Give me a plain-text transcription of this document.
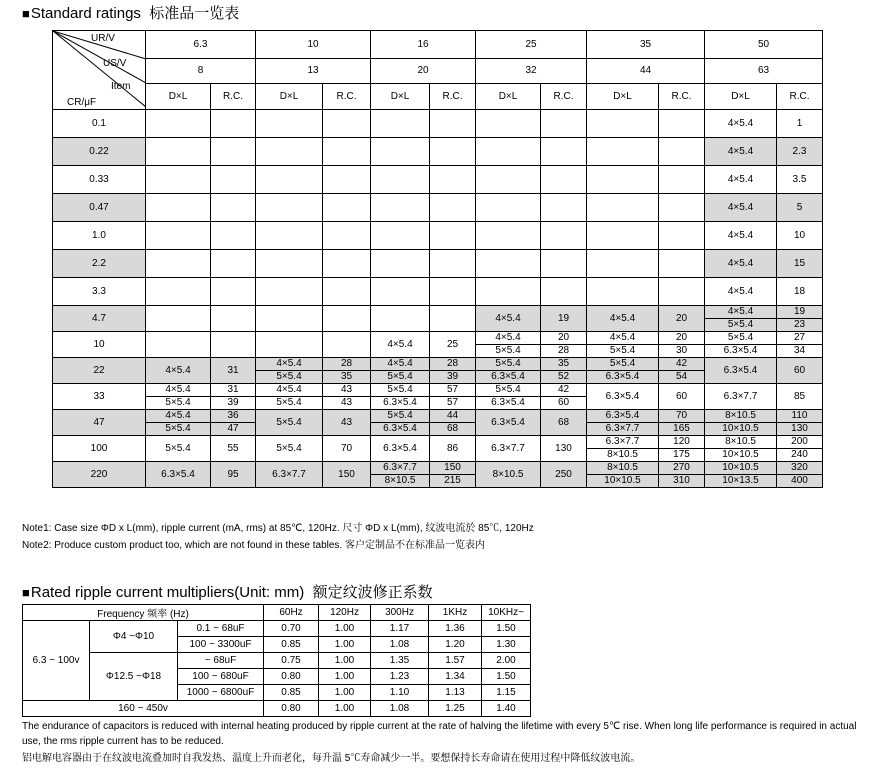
■Standard ratings 标准品一览表
UR/V
US/V
Item
CR/μF	6.3		10		16		25		35		50	
	8		13		20		32		44		63	
	D×L	R.C.	D×L	R.C.	D×L	R.C.	D×L	R.C.	D×L	R.C.	D×L	R.C.
0.1											4×5.4	1
0.22											4×5.4	2.3
0.33											4×5.4	3.5
0.47											4×5.4	5
1.0											4×5.4	10
2.2											4×5.4	15
3.3											4×5.4	18
4.7							4×5.4	19	4×5.4	20	4×5.4	19
											5×5.4	23
10					4×5.4	25	4×5.4	20	4×5.4	20	5×5.4	27
							5×5.4	28	5×5.4	30	6.3×5.4	34
22	4×5.4	31	4×5.4	28	4×5.4	28	5×5.4	35	5×5.4	42	6.3×5.4	60
			5×5.4	35	5×5.4	39	6.3×5.4	52	6.3×5.4	54		
33	4×5.4	31	4×5.4	43	5×5.4	57	5×5.4	42	6.3×5.4	60	6.3×7.7	85
	5×5.4	39	5×5.4	43	6.3×5.4	57	6.3×5.4	60				
47	4×5.4	36	5×5.4	43	5×5.4	44	6.3×5.4	68	6.3×5.4	70	8×10.5	110
	5×5.4	47			6.3×5.4	68			6.3×7.7	165	10×10.5	130
100	5×5.4	55	5×5.4	70	6.3×5.4	86	6.3×7.7	130	6.3×7.7	120	8×10.5	200
									8×10.5	175	10×10.5	240
220	6.3×5.4	95	6.3×7.7	150	6.3×7.7	150	8×10.5	250	8×10.5	270	10×10.5	320
					8×10.5	215			10×10.5	310	10×13.5	400
Note1: Case size ΦD x L(mm), ripple current (mA, rms) at 85℃, 120Hz. 尺寸 ΦD x L(mm), 纹波电流於 85℃, 120Hz
Note2: Produce custom product too, which are not found in these tables. 客户定制品不在标准品一览表内
■Rated ripple current multipliers(Unit: mm) 额定纹波修正系数
Frequency 频率 (Hz)			60Hz	120Hz	300Hz	1KHz	10KHz~
6.3 ~ 100v	Φ4 ~Φ10	0.1 ~ 68uF	0.70	1.00	1.17	1.36	1.50
		100 ~ 3300uF	0.85	1.00	1.08	1.20	1.30
	Φ12.5 ~Φ18	~ 68uF	0.75	1.00	1.35	1.57	2.00
		100 ~ 680uF	0.80	1.00	1.23	1.34	1.50
		1000 ~ 6800uF	0.85	1.00	1.10	1.13	1.15
160 ~ 450v			0.80	1.00	1.08	1.25	1.40
The endurance of capacitors is reduced with internal heating produced by ripple current at the rate of halving the lifetime with every 5℃ rise. When long life performance is required in actual use, the rms ripple current has to be reduced.
铝电解电容器由于在纹波电流叠加时自我发热、温度上升而老化，每升温 5℃寿命减少一半。要想保持长寿命请在使用过程中降低纹波电流。
